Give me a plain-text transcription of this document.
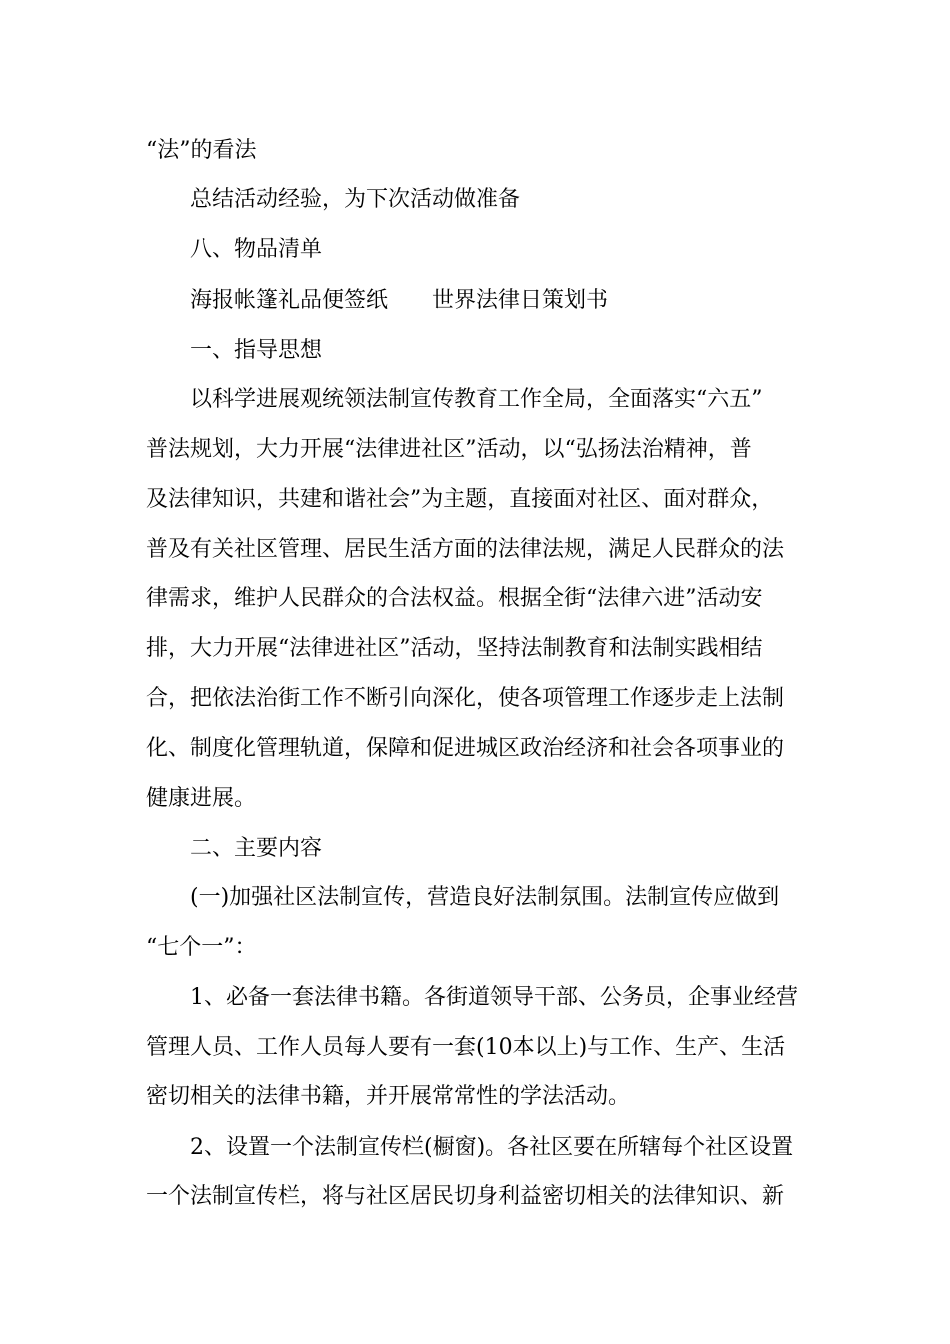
“法”的看法
总结活动经验，为下次活动做准备
八、物品清单
海报帐篷礼品便签纸 世界法律日策划书
一、指导思想
以科学进展观统领法制宣传教育工作全局，全面落实“六五”
普法规划，大力开展“法律进社区”活动，以“弘扬法治精神，普
及法律知识，共建和谐社会”为主题，直接面对社区、面对群众，
普及有关社区管理、居民生活方面的法律法规，满足人民群众的法
律需求，维护人民群众的合法权益。根据全街“法律六进”活动安
排，大力开展“法律进社区”活动，坚持法制教育和法制实践相结
合，把依法治街工作不断引向深化，使各项管理工作逐步走上法制
化、制度化管理轨道，保障和促进城区政治经济和社会各项事业的
健康进展。
二、主要内容
(一)加强社区法制宣传，营造良好法制氛围。法制宣传应做到
“七个一”：
1、必备一套法律书籍。各街道领导干部、公务员，企事业经营
管理人员、工作人员每人要有一套(10本以上)与工作、生产、生活
密切相关的法律书籍，并开展常常性的学法活动。
2、设置一个法制宣传栏(橱窗)。各社区要在所辖每个社区设置
一个法制宣传栏，将与社区居民切身利益密切相关的法律知识、新
